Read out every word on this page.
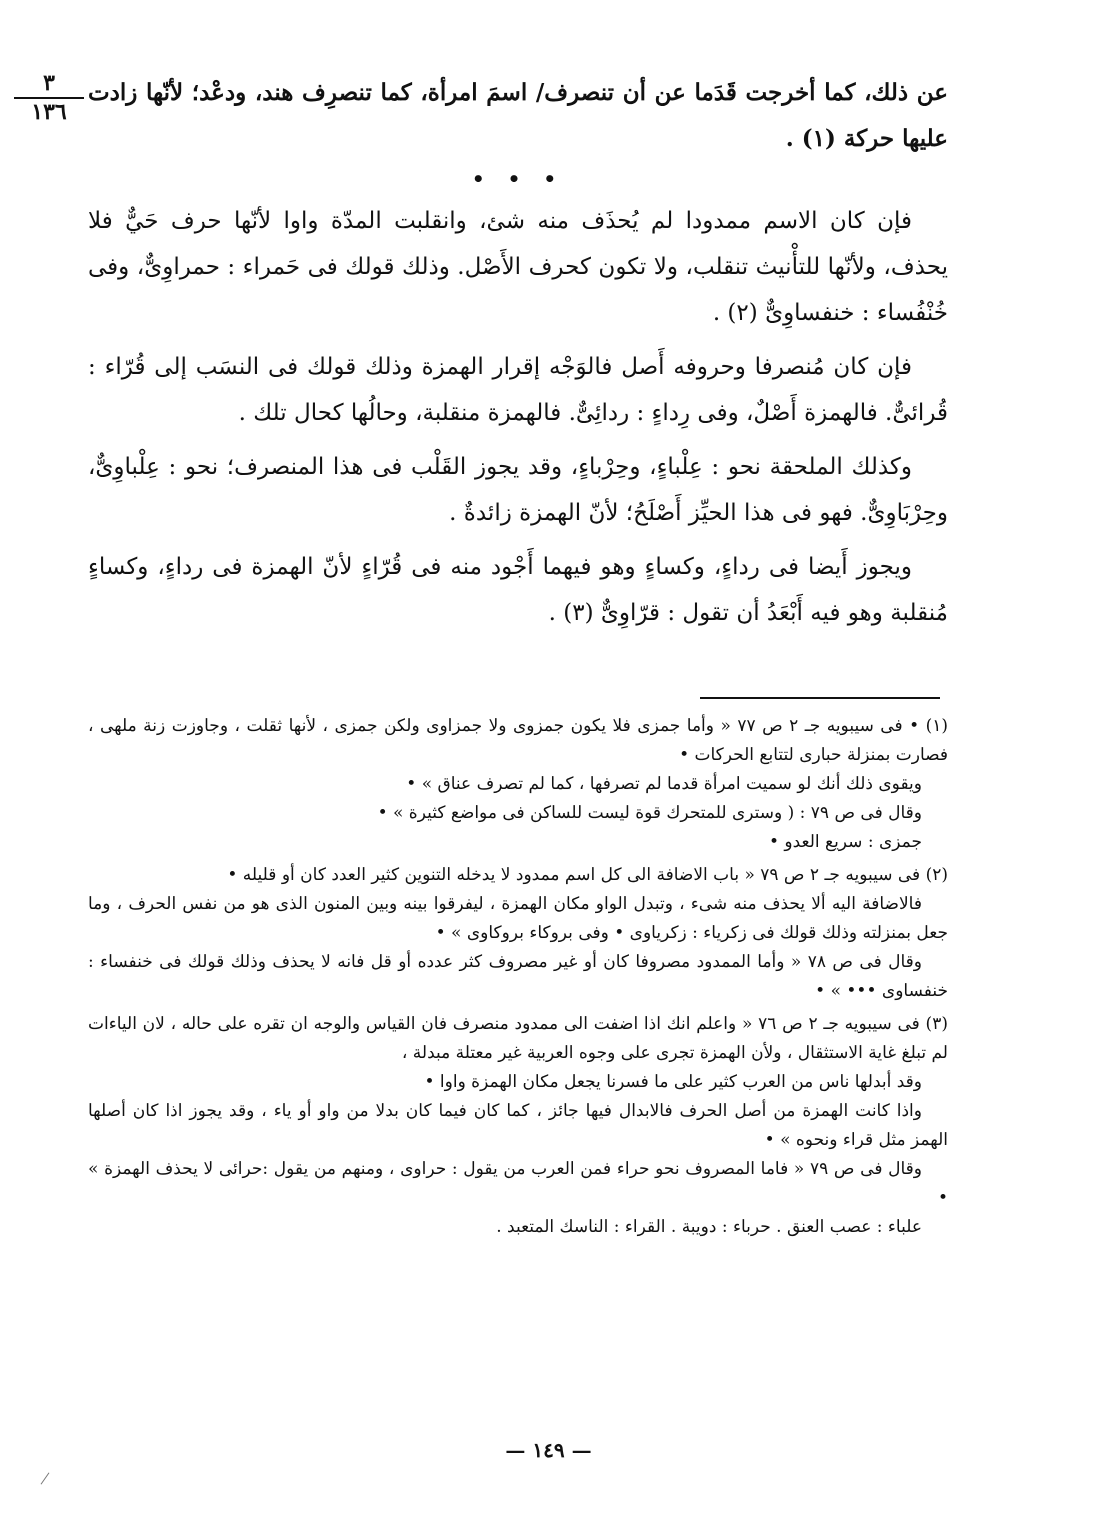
٣
١٣٦

عن ذلك، كما أخرجت قَدَما عن أن تنصرف/ اسمَ امرأة، كما تنصرِف هند، ودعْد؛ لأنّها زادت عليها حركة (١) .

• • •

فإن كان الاسم ممدودا لم يُحذَف منه شئ، وانقلبت المدّة واوا لأنّها حرف حَيٌّ فلا يحذف، ولأنّها للتأْنيث تنقلب، ولا تكون كحرف الأَصْل. وذلك قولك فى حَمراء : حمراوِىٌّ، وفى خُنْفُساء : خنفساوِىٌّ (٢) .

فإن كان مُنصرفا وحروفه أَصل فالوَجْه إقرار الهمزة وذلك قولك فى النسَب إلى قُرّاء : قُرائىٌّ. فالهمزة أَصْلٌ، وفى رِداءٍ : ردائِىٌّ. فالهمزة منقلبة، وحالُها كحال تلك .

وكذلك الملحقة نحو : عِلْباءٍ، وحِرْباءٍ، وقد يجوز القَلْب فى هذا المنصرف؛ نحو : عِلْباوِىٌّ، وحِرْبَاوِىٌّ. فهو فى هذا الحيِّز أَصْلَحُ؛ لأنّ الهمزة زائدةٌ .

ويجوز أَيضا فى رداءٍ، وكساءٍ وهو فيهما أَجْود منه فى قُرّاءٍ لأنّ الهمزة فى رداءٍ، وكساءٍ مُنقلبة وهو فيه أَبْعَدُ أن تقول : قرّاوِىٌّ (٣) .

(١) • فى سيبويه جـ ٢ ص ٧٧ « وأما جمزى فلا يكون جمزوى ولا جمزاوى ولكن جمزى ، لأنها ثقلت ، وجاوزت زنة ملهى ، فصارت بمنزلة حبارى لتتابع الحركات •

ويقوى ذلك أنك لو سميت امرأة قدما لم تصرفها ، كما لم تصرف عناق » •

وقال فى ص ٧٩ : ( وسترى للمتحرك قوة ليست للساكن فى مواضع كثيرة » •

جمزى : سريع العدو •

(٢) فى سيبويه جـ ٢ ص ٧٩ « باب الاضافة الى كل اسم ممدود لا يدخله التنوين كثير العدد كان أو قليله •

فالاضافة اليه ألا يحذف منه شىء ، وتبدل الواو مكان الهمزة ، ليفرقوا بينه وبين المنون الذى هو من نفس الحرف ، وما جعل بمنزلته وذلك قولك فى زكرياء : زكرياوى • وفى بروكاء بروكاوى » •

وقال فى ص ٧٨ « وأما الممدود مصروفا كان أو غير مصروف كثر عدده أو قل فانه لا يحذف وذلك قولك فى خنفساء : خنفساوى ••• » •

(٣) فى سيبويه جـ ٢ ص ٧٦ « واعلم انك اذا اضفت الى ممدود منصرف فان القياس والوجه ان تقره على حاله ، لان الياءات لم تبلغ غاية الاستثقال ، ولأن الهمزة تجرى على وجوه العربية غير معتلة مبدلة ،

وقد أبدلها ناس من العرب كثير على ما فسرنا يجعل مكان الهمزة واوا •

واذا كانت الهمزة من أصل الحرف فالابدال فيها جائز ، كما كان فيما كان بدلا من واو أو ياء ، وقد يجوز اذا كان أصلها الهمز مثل قراء ونحوه » •

وقال فى ص ٧٩ « فاما المصروف نحو حراء فمن العرب من يقول : حراوى ، ومنهم من يقول :حرائى لا يحذف الهمزة » •

علباء : عصب العنق . حرباء : دويبة . القراء : الناسك المتعبد .

— ١٤٩ —
